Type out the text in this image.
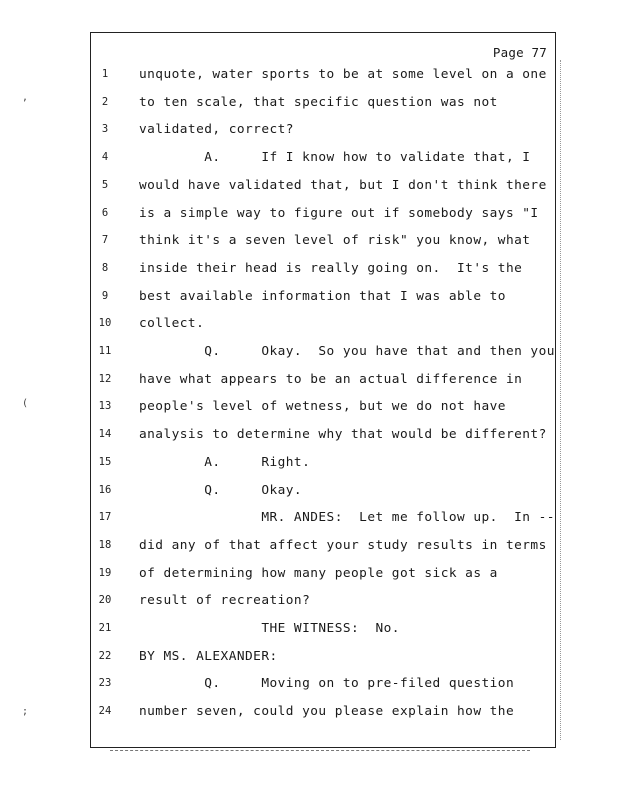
Page 77
1	unquote, water sports to be at some level on a one
2	to ten scale, that specific question was not
3	validated, correct?
4	A.     If I know how to validate that, I
5	would have validated that, but I don't think there
6	is a simple way to figure out if somebody says "I
7	think it's a seven level of risk" you know, what
8	inside their head is really going on.  It's the
9	best available information that I was able to
10	collect.
11	Q.     Okay.  So you have that and then you
12	have what appears to be an actual difference in
13	people's level of wetness, but we do not have
14	analysis to determine why that would be different?
15	A.     Right.
16	Q.     Okay.
17	MR. ANDES:  Let me follow up.  In --
18	did any of that affect your study results in terms
19	of determining how many people got sick as a
20	result of recreation?
21	THE WITNESS:  No.
22	BY MS. ALEXANDER:
23	Q.     Moving on to pre-filed question
24	number seven, could you please explain how the
,
(
;
